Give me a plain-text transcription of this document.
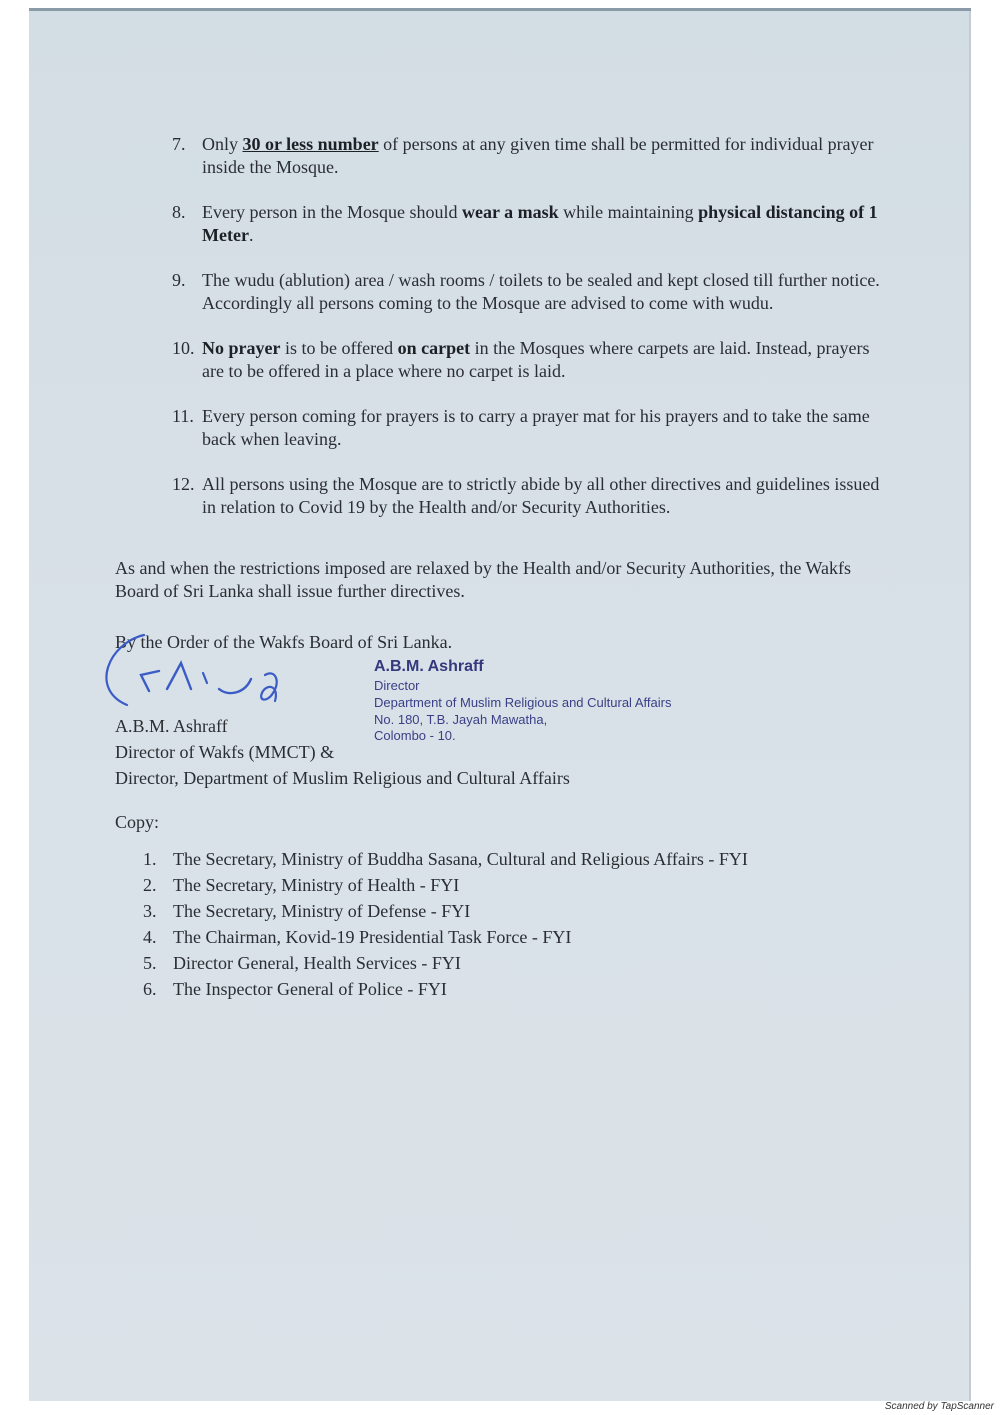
7. Only 30 or less number of persons at any given time shall be permitted for individual prayer inside the Mosque.
8. Every person in the Mosque should wear a mask while maintaining physical distancing of 1 Meter.
9. The wudu (ablution) area / wash rooms / toilets to be sealed and kept closed till further notice. Accordingly all persons coming to the Mosque are advised to come with wudu.
10. No prayer is to be offered on carpet in the Mosques where carpets are laid. Instead, prayers are to be offered in a place where no carpet is laid.
11. Every person coming for prayers is to carry a prayer mat for his prayers and to take the same back when leaving.
12. All persons using the Mosque are to strictly abide by all other directives and guidelines issued in relation to Covid 19 by the Health and/or Security Authorities.
As and when the restrictions imposed are relaxed by the Health and/or Security Authorities, the Wakfs Board of Sri Lanka shall issue further directives.
By the Order of the Wakfs Board of Sri Lanka.
A.B.M. Ashraff
Director of Wakfs (MMCT) &
Director, Department of Muslim Religious and Cultural Affairs
A.B.M. Ashraff
Director
Department of Muslim Religious and Cultural Affairs
No. 180, T.B. Jayah Mawatha,
Colombo - 10.
Copy:
1. The Secretary, Ministry of Buddha Sasana, Cultural and Religious Affairs - FYI
2. The Secretary, Ministry of Health - FYI
3. The Secretary, Ministry of Defense - FYI
4. The Chairman, Kovid-19 Presidential Task Force - FYI
5. Director General, Health Services - FYI
6. The Inspector General of Police - FYI
Scanned by TapScanner
